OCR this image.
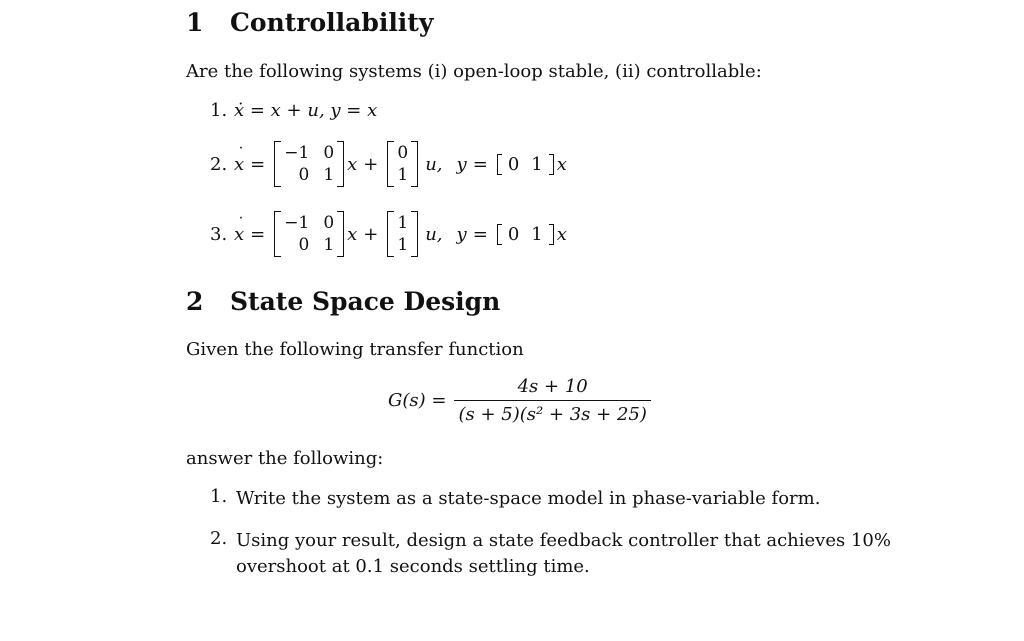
1 Controllability
Are the following systems (i) open-loop stable, (ii) controllable:
1. ẋ = x + u, y = x
2. x ˙ =
−1 0
0 1 x +
0
1 u, y = 0 1 x
3. x ˙ =
−1 0
0 1 x +
1
1 u, y = 0 1 x
2 State Space Design
Given the following transfer function
$G(s) = \frac{4s + 10}{\text{(s + 5)(s² + 3s + 25)}}$
answer the following:
1. Write the system as a state-space model in phase-variable form.
2. Using your result, design a state feedback controller that achieves 10%
overshoot at 0.1 seconds settling time.
